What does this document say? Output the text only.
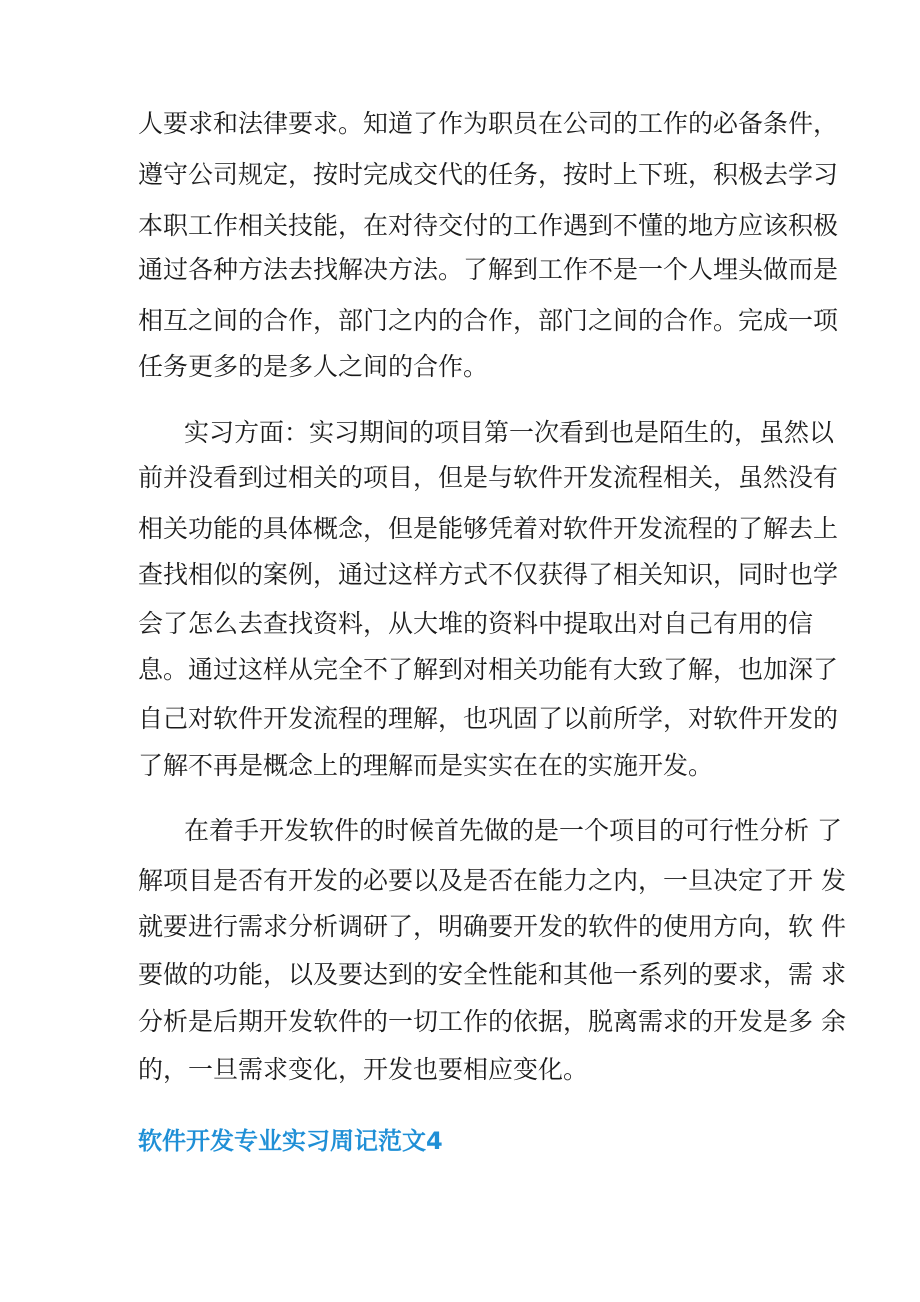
人要求和法律要求。知道了作为职员在公司的工作的必备条件，
遵守公司规定，按时完成交代的任务，按时上下班，积极去学习
本职工作相关技能，在对待交付的工作遇到不懂的地方应该积极
通过各种方法去找解决方法。了解到工作不是一个人埋头做而是
相互之间的合作，部门之内的合作，部门之间的合作。完成一项
任务更多的是多人之间的合作。
实习方面：实习期间的项目第一次看到也是陌生的，虽然以
前并没看到过相关的项目，但是与软件开发流程相关，虽然没有
相关功能的具体概念，但是能够凭着对软件开发流程的了解去上
查找相似的案例，通过这样方式不仅获得了相关知识，同时也学
会了怎么去查找资料，从大堆的资料中提取出对自己有用的信
息。通过这样从完全不了解到对相关功能有大致了解，也加深了
自己对软件开发流程的理解，也巩固了以前所学，对软件开发的
了解不再是概念上的理解而是实实在在的实施开发。
在着手开发软件的时候首先做的是一个项目的可行性分析 了
解项目是否有开发的必要以及是否在能力之内，一旦决定了开 发
就要进行需求分析调研了，明确要开发的软件的使用方向，软 件
要做的功能，以及要达到的安全性能和其他一系列的要求，需 求
分析是后期开发软件的一切工作的依据，脱离需求的开发是多 余
的，一旦需求变化，开发也要相应变化。
软件开发专业实习周记范文4
